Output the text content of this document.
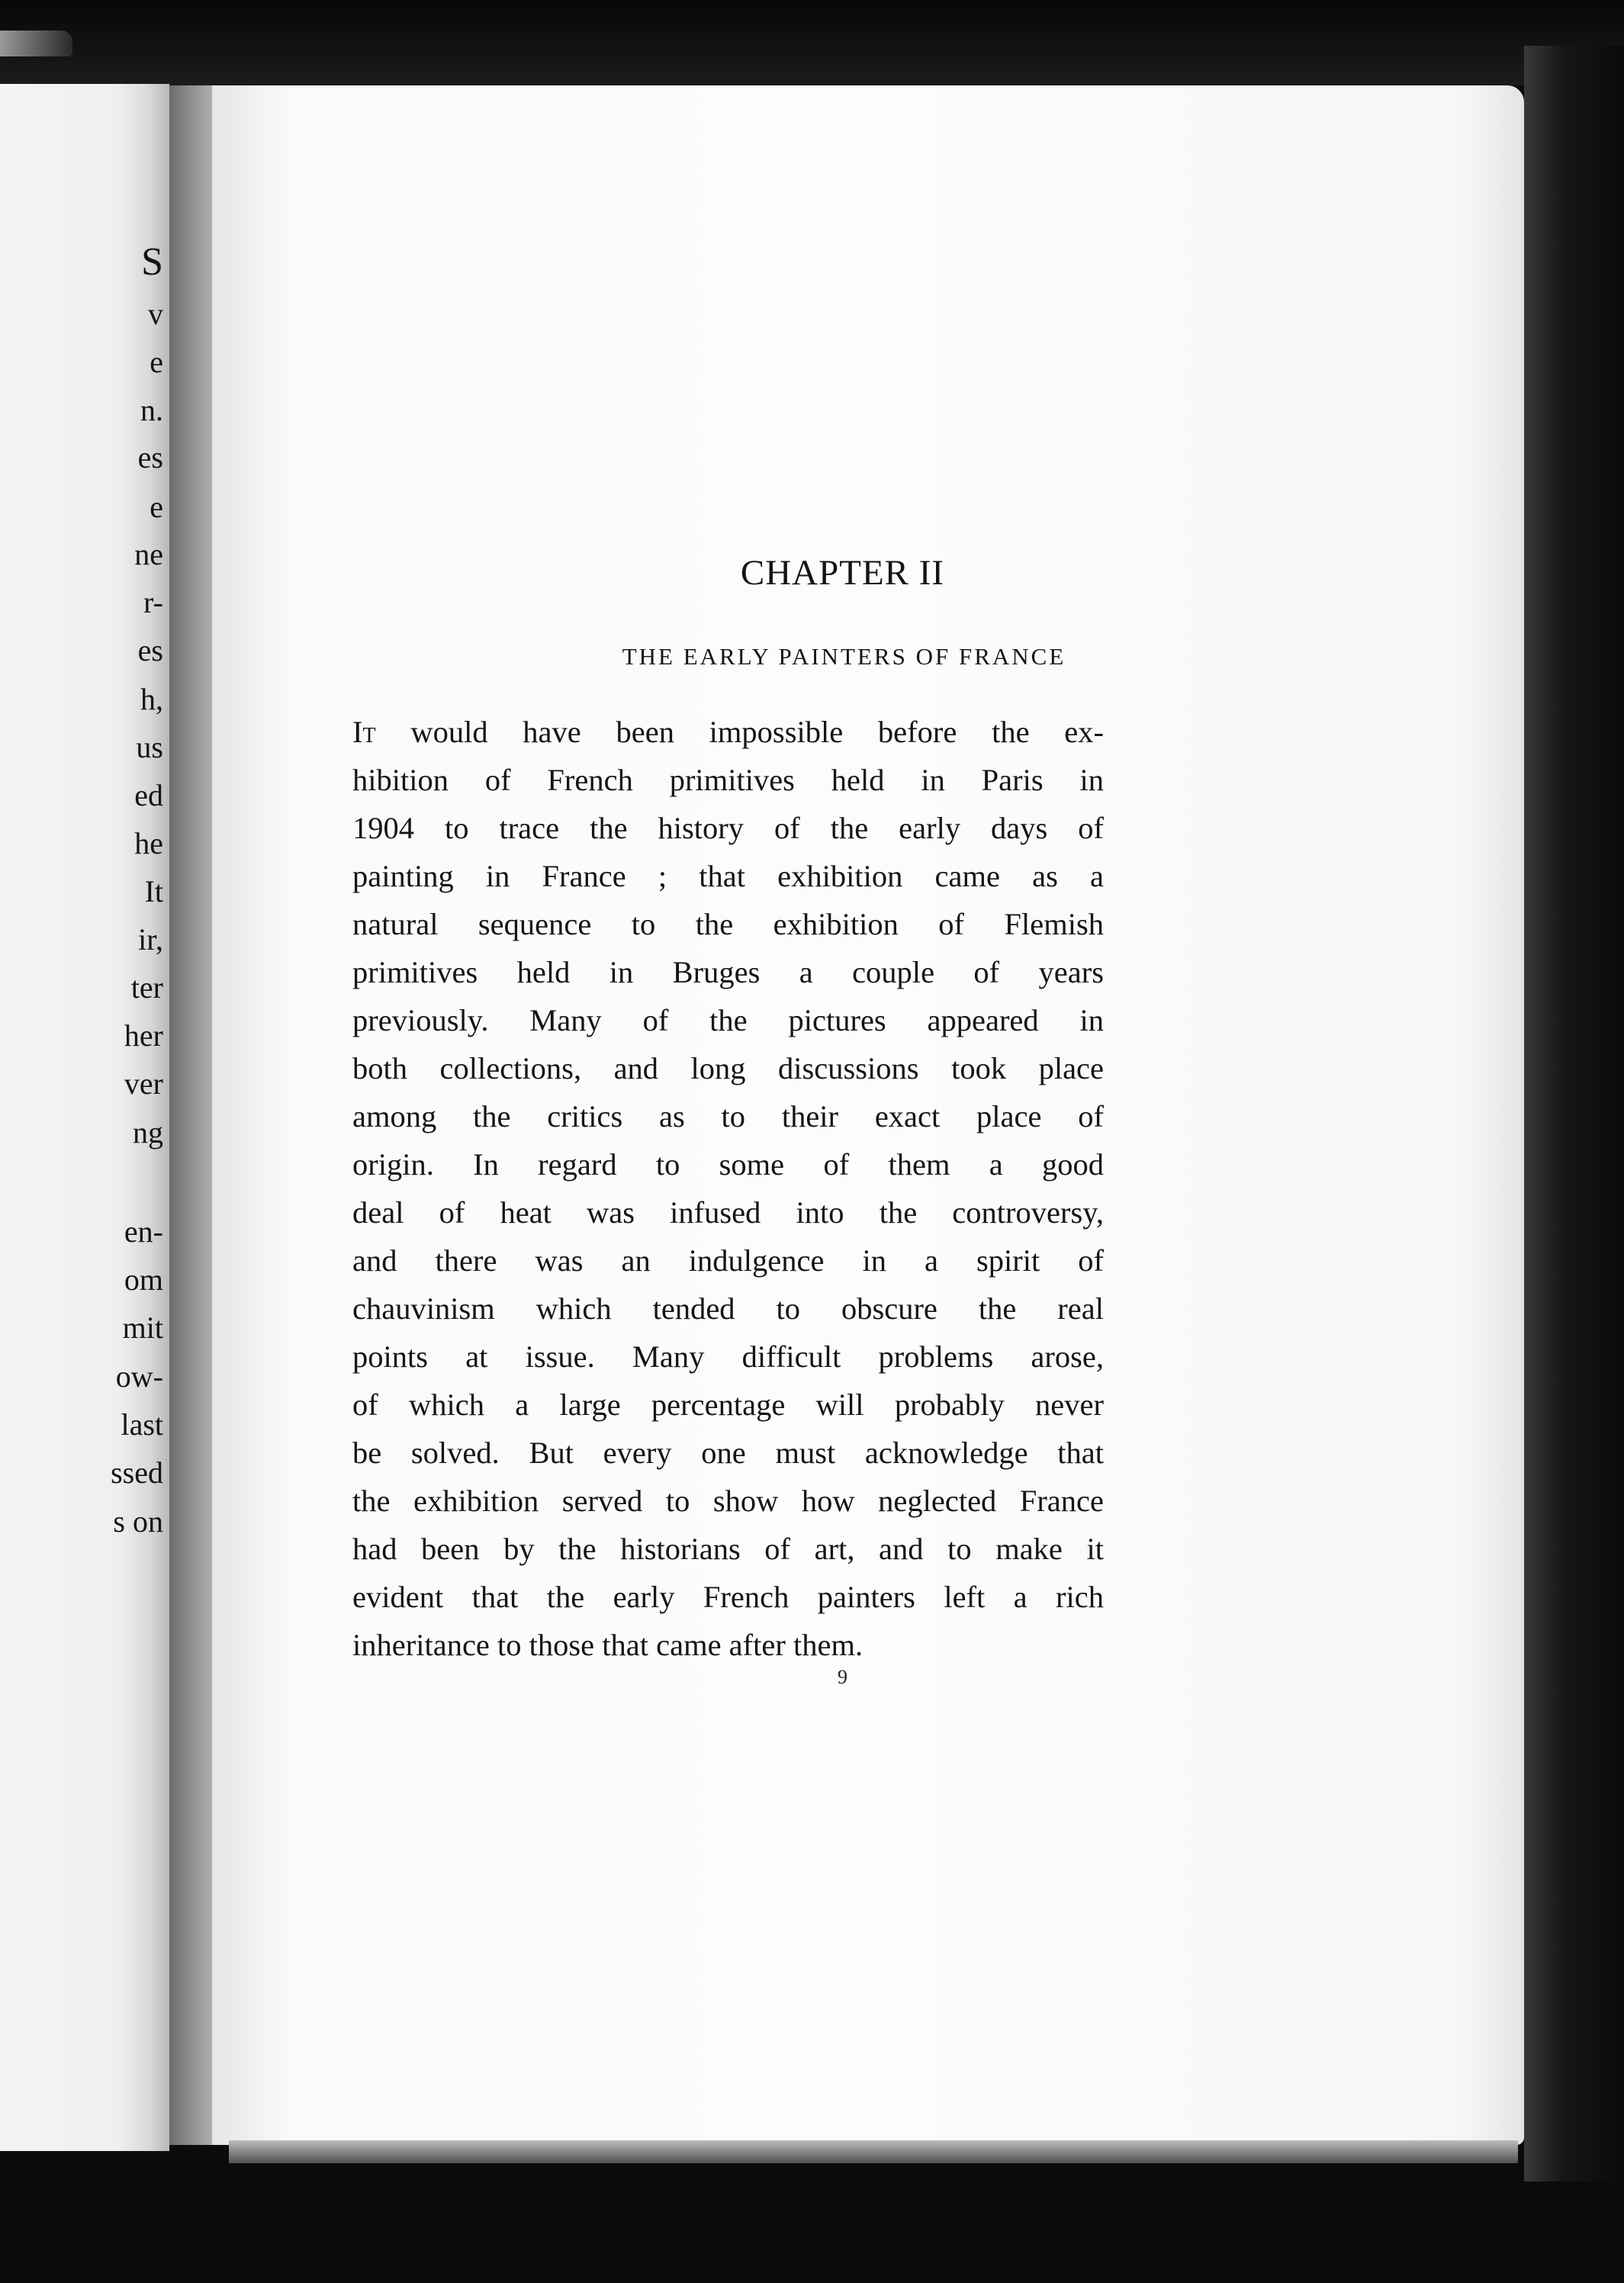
S
v
e
n.
es
e
ne
r-
es
h,
us
ed
he
It
ir,
ter
her
ver
ng
en-
om
mit
ow-
last
ssed
s on
CHAPTER II
THE EARLY PAINTERS OF FRANCE
It would have been impossible before the ex-
hibition of French primitives held in Paris in
1904 to trace the history of the early days of
painting in France ; that exhibition came as a
natural sequence to the exhibition of Flemish
primitives held in Bruges a couple of years
previously. Many of the pictures appeared in
both collections, and long discussions took place
among the critics as to their exact place of
origin. In regard to some of them a good
deal of heat was infused into the controversy,
and there was an indulgence in a spirit of
chauvinism which tended to obscure the real
points at issue. Many difficult problems arose,
of which a large percentage will probably never
be solved. But every one must acknowledge that
the exhibition served to show how neglected France
had been by the historians of art, and to make it
evident that the early French painters left a rich
inheritance to those that came after them.
9
